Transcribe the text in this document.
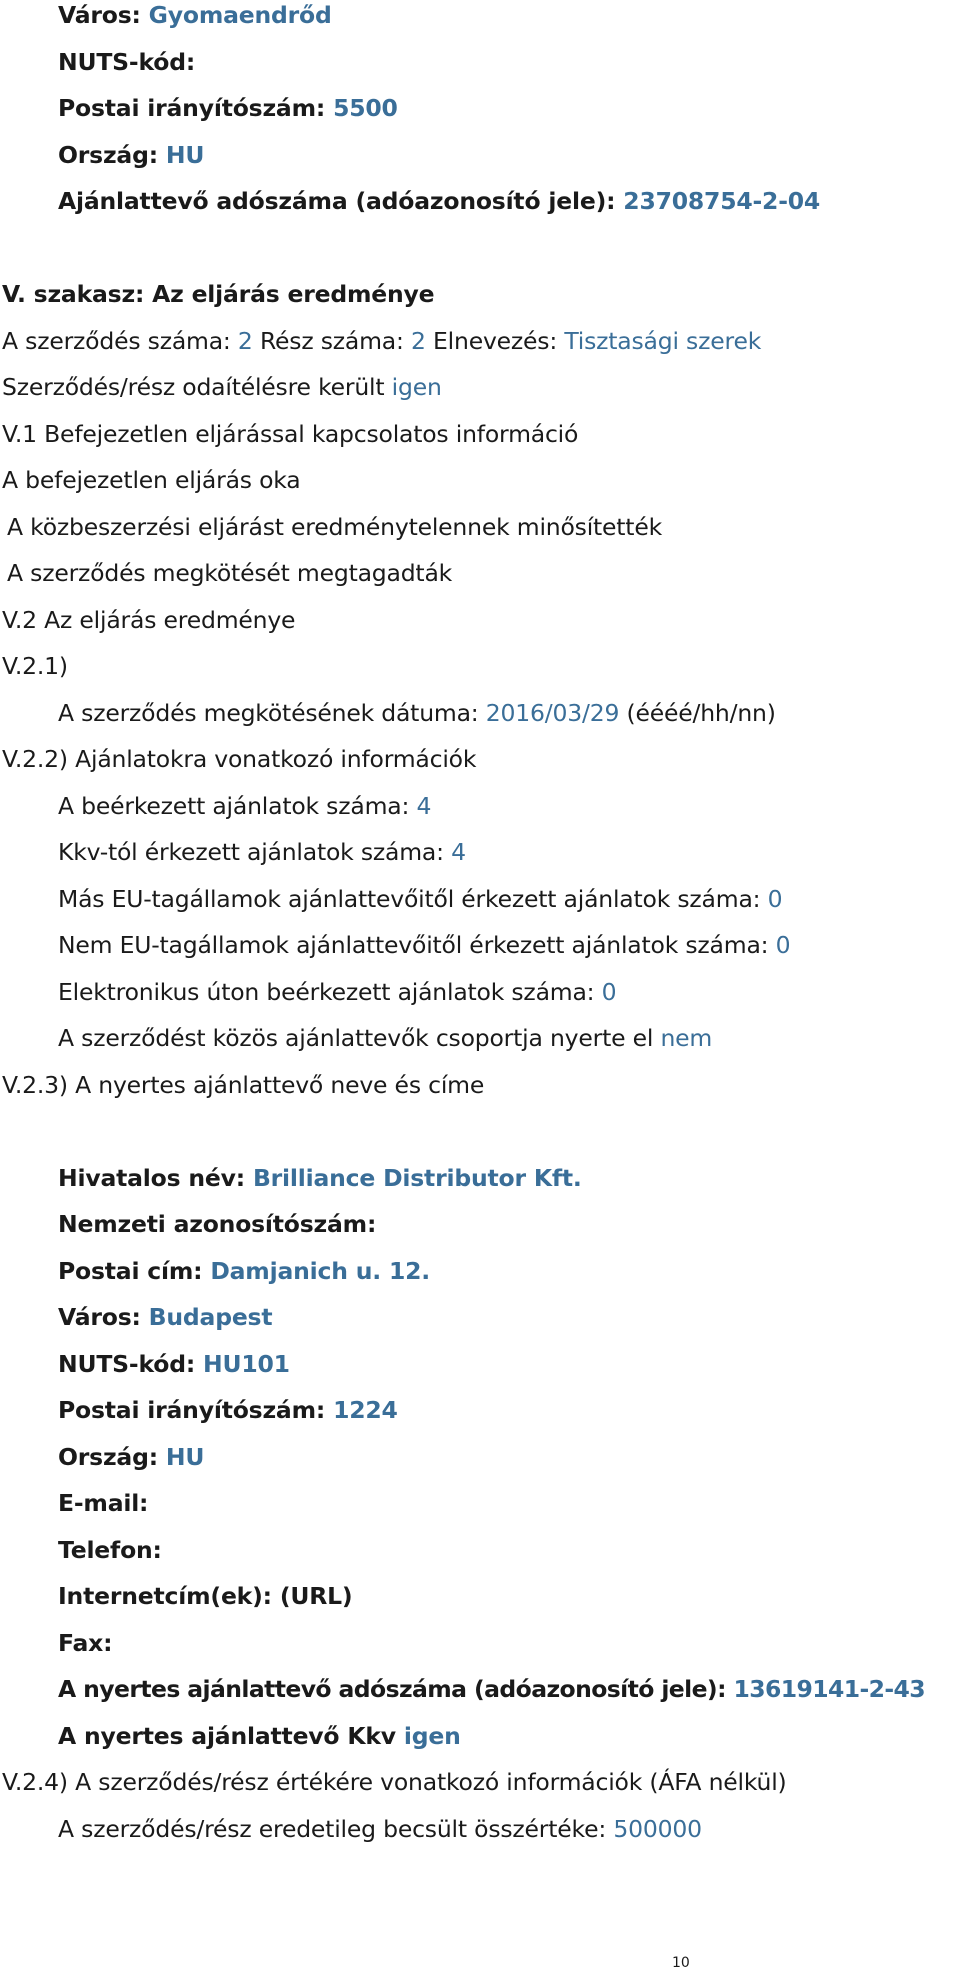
Város: Gyomaendrőd
NUTS-kód:
Postai irányítószám: 5500
Ország: HU
Ajánlattevő adószáma (adóazonosító jele): 23708754-2-04
V. szakasz: Az eljárás eredménye
A szerződés száma: 2 Rész száma: 2 Elnevezés: Tisztasági szerek
Szerződés/rész odaítélésre került igen
V.1 Befejezetlen eljárással kapcsolatos információ
A befejezetlen eljárás oka
A közbeszerzési eljárást eredménytelennek minősítették
A szerződés megkötését megtagadták
V.2 Az eljárás eredménye
V.2.1)
A szerződés megkötésének dátuma: 2016/03/29 (éééé/hh/nn)
V.2.2) Ajánlatokra vonatkozó információk
A beérkezett ajánlatok száma: 4
Kkv-tól érkezett ajánlatok száma: 4
Más EU-tagállamok ajánlattevőitől érkezett ajánlatok száma: 0
Nem EU-tagállamok ajánlattevőitől érkezett ajánlatok száma: 0
Elektronikus úton beérkezett ajánlatok száma: 0
A szerződést közös ajánlattevők csoportja nyerte el nem
V.2.3) A nyertes ajánlattevő neve és címe
Hivatalos név: Brilliance Distributor Kft.
Nemzeti azonosítószám:
Postai cím: Damjanich u. 12.
Város: Budapest
NUTS-kód: HU101
Postai irányítószám: 1224
Ország: HU
E-mail:
Telefon:
Internetcím(ek): (URL)
Fax:
A nyertes ajánlattevő adószáma (adóazonosító jele): 13619141-2-43
A nyertes ajánlattevő Kkv igen
V.2.4) A szerződés/rész értékére vonatkozó információk (ÁFA nélkül)
A szerződés/rész eredetileg becsült összértéke: 500000
10
